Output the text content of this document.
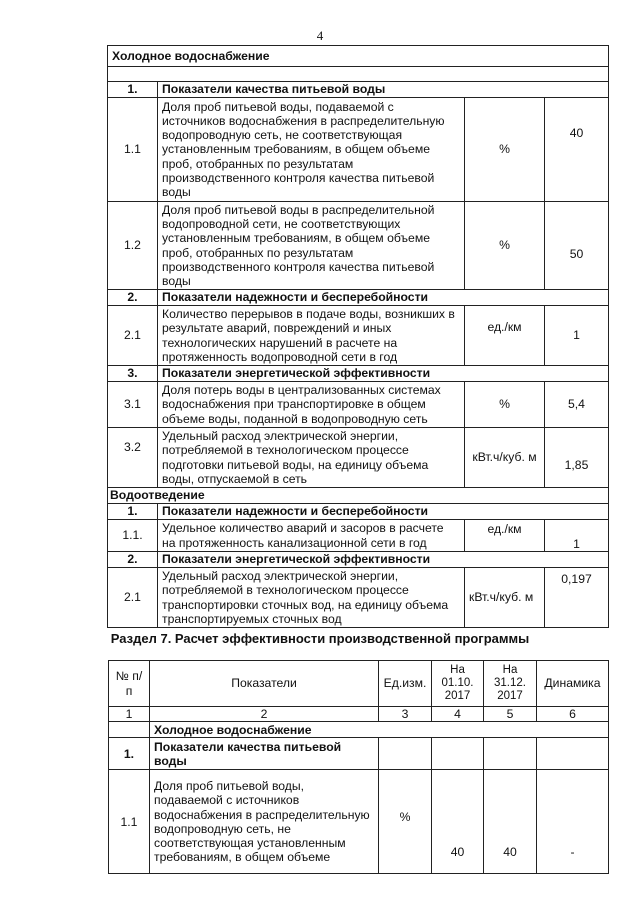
4
Холодное водоснабжение			

1.	Показатели качества питьевой воды		
1.1	Доля проб питьевой воды, подаваемой с источников водоснабжения в распределительную водопроводную сеть, не соответствующая установленным требованиям, в общем объеме проб, отобранных по результатам производственного контроля качества питьевой воды	%	40
1.2	Доля проб питьевой воды в распределительной водопроводной сети, не соответствующих установленным требованиям, в общем объеме проб, отобранных по результатам производственного контроля качества питьевой воды	%	50
2.	Показатели надежности и бесперебойности		
2.1	Количество перерывов в подаче воды, возникших в результате аварий, повреждений и иных технологических нарушений в расчете на протяженность водопроводной сети в год	ед./км	1
3.	Показатели энергетической эффективности		
3.1	Доля потерь воды в централизованных системах водоснабжения при транспортировке в общем объеме воды, поданной в водопроводную сеть	%	5,4
3.2	Удельный расход электрической энергии, потребляемой в технологическом процессе подготовки питьевой воды, на единицу объема воды, отпускаемой в сеть	кВт.ч/куб. м	1,85
Водоотведение			
1.	Показатели надежности и бесперебойности		
1.1.	Удельное количество аварий и засоров в расчете на протяженность канализационной сети в год	ед./км	1
2.	Показатели энергетической эффективности		
2.1	Удельный расход электрической энергии, потребляемой в технологическом процессе транспортировки сточных вод, на единицу объема транспортируемых сточных вод	кВт.ч/куб. м	0,197
Раздел 7. Расчет эффективности производственной программы
№ п/п	Показатели	Ед.изм.	На 01.10. 2017	На 31.12. 2017	Динамика
1	2	3	4	5	6
	Холодное водоснабжение				
1.	Показатели качества питьевой воды				
1.1	Доля проб питьевой воды, подаваемой с источников водоснабжения в распределительную водопроводную сеть, не соответствующая установленным требованиям, в общем объеме	%	40	40	-
